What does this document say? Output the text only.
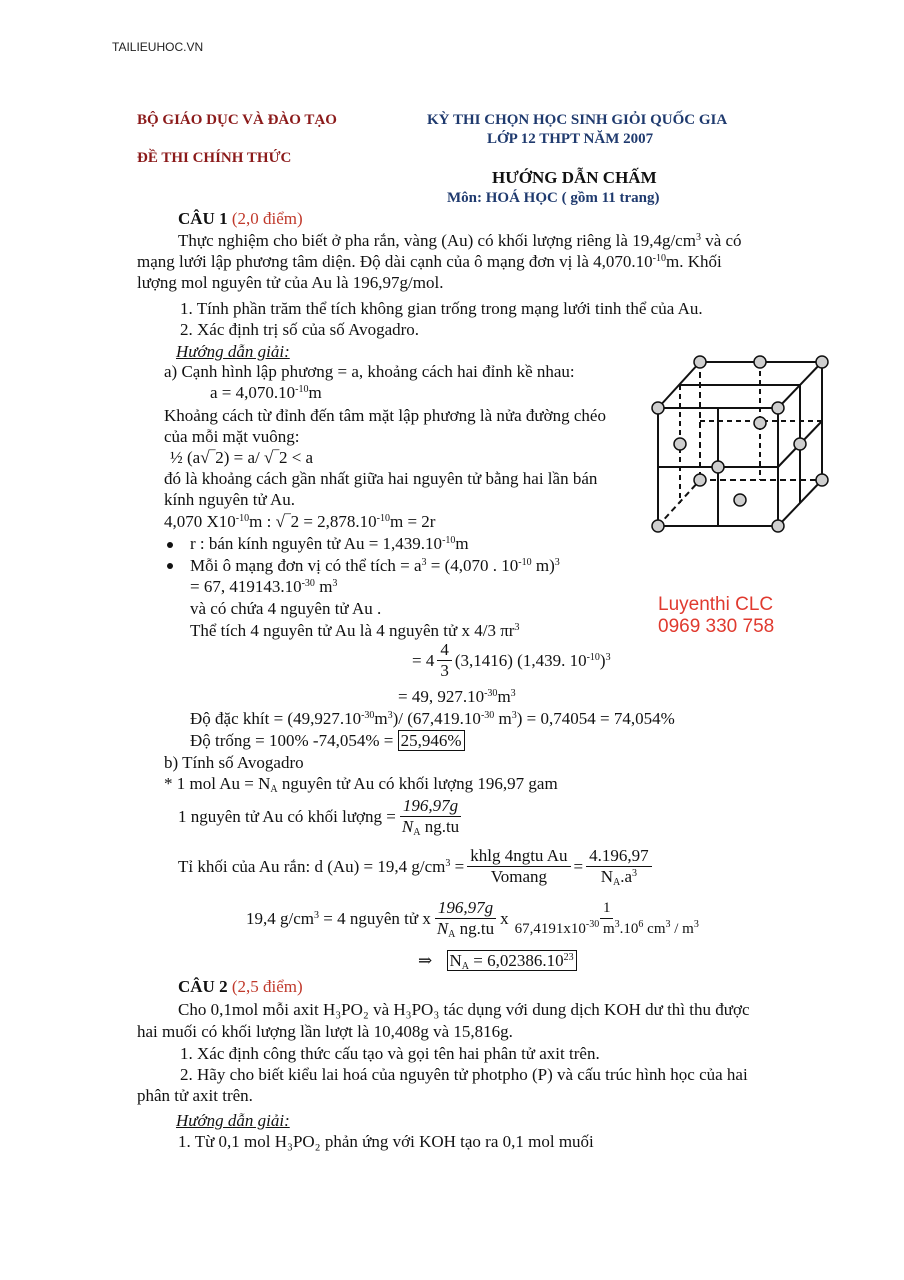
TAILIEUHOC.VN
BỘ GIÁO DỤC VÀ ĐÀO TẠO
ĐỀ THI CHÍNH THỨC
KỲ THI CHỌN HỌC SINH GIỎI QUỐC GIA
LỚP 12 THPT NĂM 2007
HƯỚNG DẪN CHẤM
Môn: HOÁ HỌC ( gồm 11 trang)
CÂU 1 (2,0 điểm)
Thực nghiệm cho biết ở pha rắn, vàng (Au) có khối lượng riêng là $19,4g/cm^3$ và có
mạng lưới lập phương tâm diện. Độ dài cạnh của ô mạng đơn vị là $4,070.10^{-10}m$. Khối
lượng mol nguyên tử của Au là 196,97g/mol.
1. Tính phần trăm thể tích không gian trống trong mạng lưới tinh thể của Au.
2. Xác định trị số của số Avogadro.
Hướng dẫn giải:
a) Cạnh hình lập phương = a, khoảng cách hai đỉnh kề nhau:
$a = 4,070.10^{-10}m$
Khoảng cách từ đỉnh đến tâm mặt lập phương là nửa đường chéo
của mỗi mặt vuông:
½ (a√‾2) = a/ √‾2 < a
đó là khoảng cách gần nhất giữa hai nguyên tử bằng hai lần bán
kính nguyên tử Au.
4,070 $X10^{-10}m$ : √‾2 = $2,878.10^{-10}m = 2r$
r : bán kính nguyên tử $Au = 1,439.10^{-10}m$
Mỗi ô mạng đơn vị có thể tích = $a^3 = (4,070$ . $10^{-10}$ m)$^3$
= 67, $419143.10^{-30}$ $m^3$
và có chứa 4 nguyên tử Au .
Thể tích 4 nguyên tử Au là 4 nguyên tử x 4/3 $\pi r^3$
= $4 \frac{4}{3} (3,1416)$ (1,439. $10^{-10})^3$
= 49, $927.10^{-30}m^3$
Độ đặc khít = $(49,927.10^{-30}m^3)/$ ($67,419.10^{-30}$ $m^3) = 0,74054 = 74,054\%$
Độ trống = 100% -74,054% = 25,946%
b) Tính số Avogadro
* 1 mol $Au = N_A$ nguyên tử Au có khối lượng 196,97 gam
1 nguyên tử Au có khối lượng = $\frac{196,97g}{N_A ng.tu}$
Tỉ khối của Au rắn: d (Au) = 19,4 $g/cm^3 = \frac{\text{khlg 4ngtu Au}}{\text{Vomang}} = \frac{4.196,97}{N_A.a^3}$
19,4 $g/cm^3 = 4$ nguyên tử x $\frac{196,97g}{N_A ng.tu}$ x $\frac{1}{67,4191x10^{-30} m^3.10^6 cm^3 / m^3}$
⇒ $N_A = 6,02386.10^{23}$
CÂU 2 (2,5 điểm)
Cho 0,1mol mỗi axit H₃PO₂ và H₃PO₃ tác dụng với dung dịch KOH dư thì thu được
hai muối có khối lượng lần lượt là 10,408g và 15,816g.
1. Xác định công thức cấu tạo và gọi tên hai phân tử axit trên.
2. Hãy cho biết kiểu lai hoá của nguyên tử photpho (P) và cấu trúc hình học của hai
phân tử axit trên.
Hướng dẫn giải:
1. Từ 0,1 mol H₃PO₂ phản ứng với KOH tạo ra 0,1 mol muối
Luyenthi CLC
0969 330 758
